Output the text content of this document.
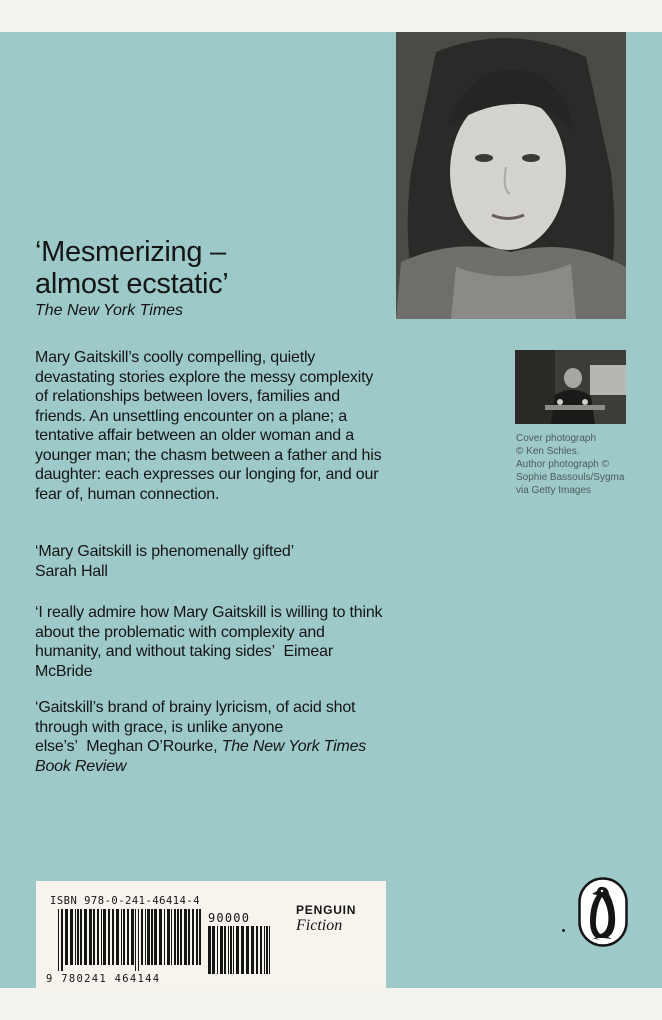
‘Mesmerizing –
almost ecstatic’
The New York Times

Mary Gaitskill’s coolly compelling, quietly devastating stories explore the messy complexity of relationships between lovers, families and friends. An unsettling encounter on a plane; a tentative affair between an older woman and a younger man; the chasm between a father and his daughter: each expresses our longing for, and our fear of, human connection.

‘Mary Gaitskill is phenomenally gifted’
Sarah Hall

‘I really admire how Mary Gaitskill is willing to think about the problematic with complexity and humanity, and without taking sides’ Eimear McBride

‘Gaitskill’s brand of brainy lyricism, of acid shot through with grace, is unlike anyone else’s’ Meghan O’Rourke, The New York Times Book Review

Cover photograph
© Ken Schles.
Author photograph ©
Sophie Bassouls/Sygma
via Getty Images

ISBN 978-0-241-46414-4
9 780241 464144
90000
PENGUIN
Fiction
